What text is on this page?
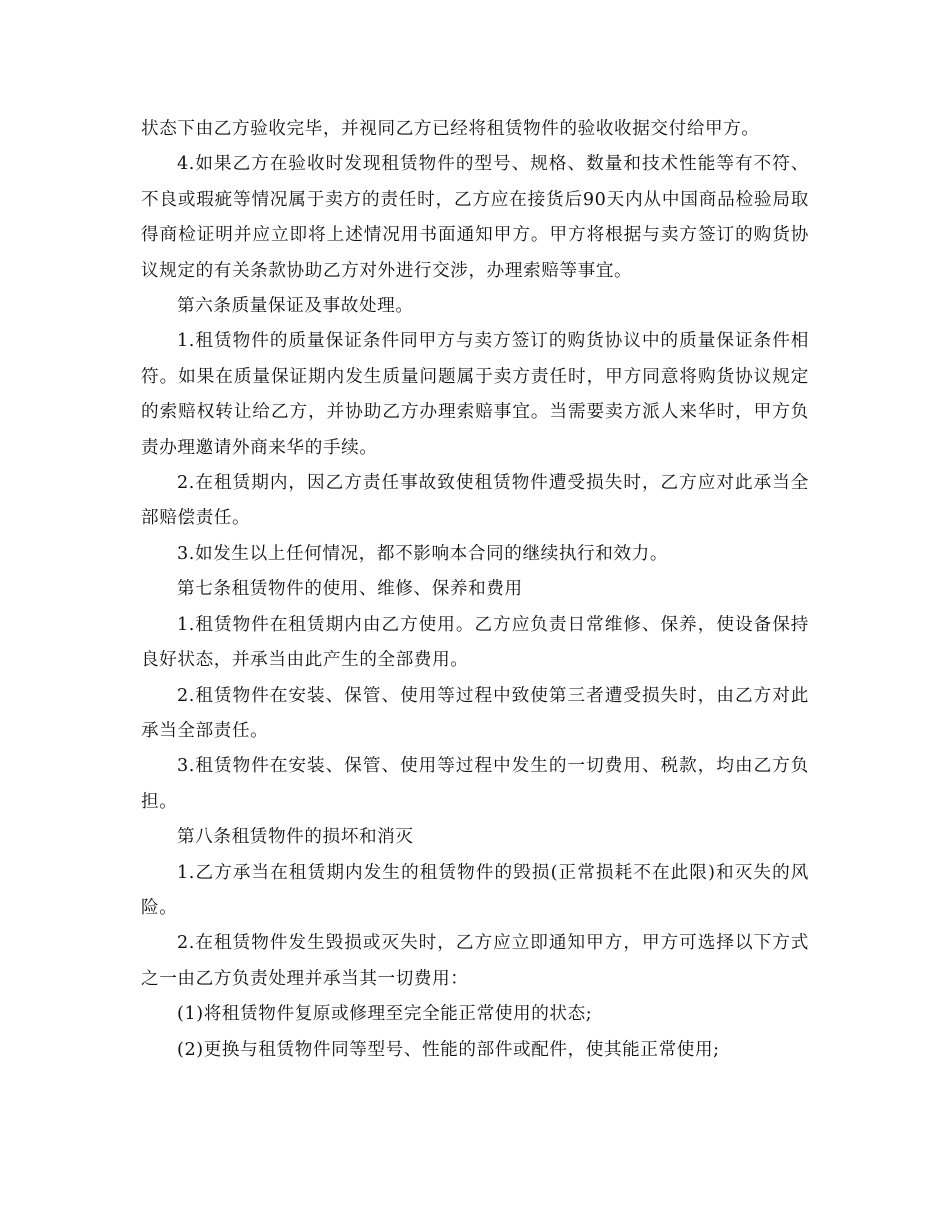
状态下由乙方验收完毕，并视同乙方已经将租赁物件的验收收据交付给甲方。

4.如果乙方在验收时发现租赁物件的型号、规格、数量和技术性能等有不符、不良或瑕疵等情况属于卖方的责任时，乙方应在接货后90天内从中国商品检验局取得商检证明并应立即将上述情况用书面通知甲方。甲方将根据与卖方签订的购货协议规定的有关条款协助乙方对外进行交涉，办理索赔等事宜。

第六条质量保证及事故处理。

1.租赁物件的质量保证条件同甲方与卖方签订的购货协议中的质量保证条件相符。如果在质量保证期内发生质量问题属于卖方责任时，甲方同意将购货协议规定的索赔权转让给乙方，并协助乙方办理索赔事宜。当需要卖方派人来华时，甲方负责办理邀请外商来华的手续。

2.在租赁期内，因乙方责任事故致使租赁物件遭受损失时，乙方应对此承当全部赔偿责任。

3.如发生以上任何情况，都不影响本合同的继续执行和效力。

第七条租赁物件的使用、维修、保养和费用

1.租赁物件在租赁期内由乙方使用。乙方应负责日常维修、保养，使设备保持良好状态，并承当由此产生的全部费用。

2.租赁物件在安装、保管、使用等过程中致使第三者遭受损失时，由乙方对此承当全部责任。

3.租赁物件在安装、保管、使用等过程中发生的一切费用、税款，均由乙方负担。

第八条租赁物件的损坏和消灭

1.乙方承当在租赁期内发生的租赁物件的毁损(正常损耗不在此限)和灭失的风险。

2.在租赁物件发生毁损或灭失时，乙方应立即通知甲方，甲方可选择以下方式之一由乙方负责处理并承当其一切费用：

(1)将租赁物件复原或修理至完全能正常使用的状态;

(2)更换与租赁物件同等型号、性能的部件或配件，使其能正常使用;
